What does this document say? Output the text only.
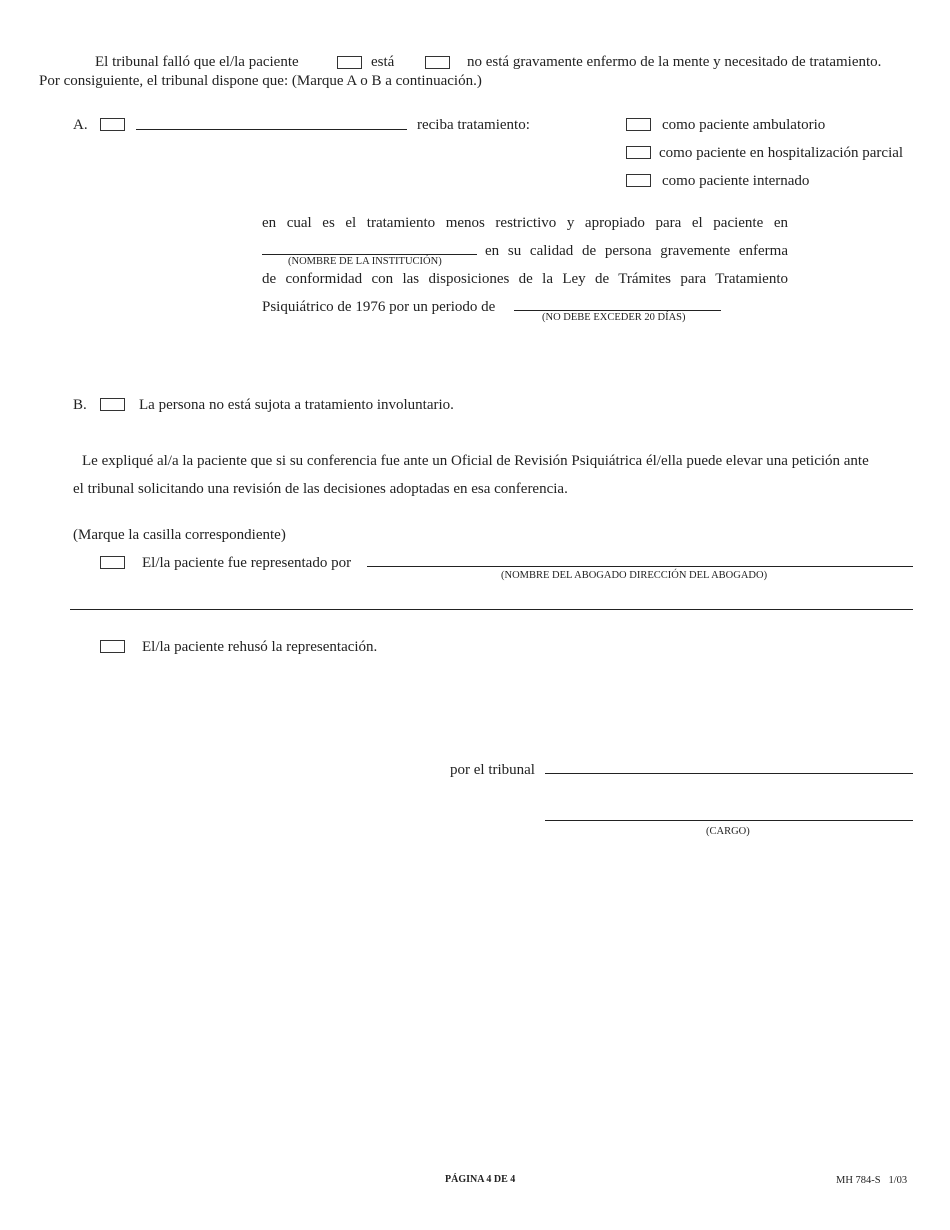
El tribunal falló que el/la paciente	está	no está gravamente enfermo de la mente y necesitado de tratamiento.
Por consiguiente, el tribunal dispone que: (Marque A o B a continuación.)
A.	reciba tratamiento:	como paciente ambulatorio
como paciente en hospitalización parcial
como paciente internado
en cual es el tratamiento menos restrictivo y apropiado para el paciente en
(NOMBRE DE LA INSTITUCIÓN)
en su calidad de persona gravemente enferma
de conformidad con las disposiciones de la Ley de Trámites para Tratamiento
Psiquiátrico de 1976 por un periodo de
(NO DEBE EXCEDER 20 DÍAS)
B.	La persona no está sujota a tratamiento involuntario.
Le expliqué al/a la paciente que si su conferencia fue ante un Oficial de Revisión Psiquiátrica él/ella puede elevar una petición ante
el tribunal solicitando una revisión de las decisiones adoptadas en esa conferencia.
(Marque la casilla correspondiente)
El/la paciente fue representado por
(NOMBRE DEL ABOGADO DIRECCIÓN DEL ABOGADO)
El/la paciente rehusó la representación.
por el tribunal
(CARGO)
PÁGINA 4 DE 4	MH 784-S   1/03
